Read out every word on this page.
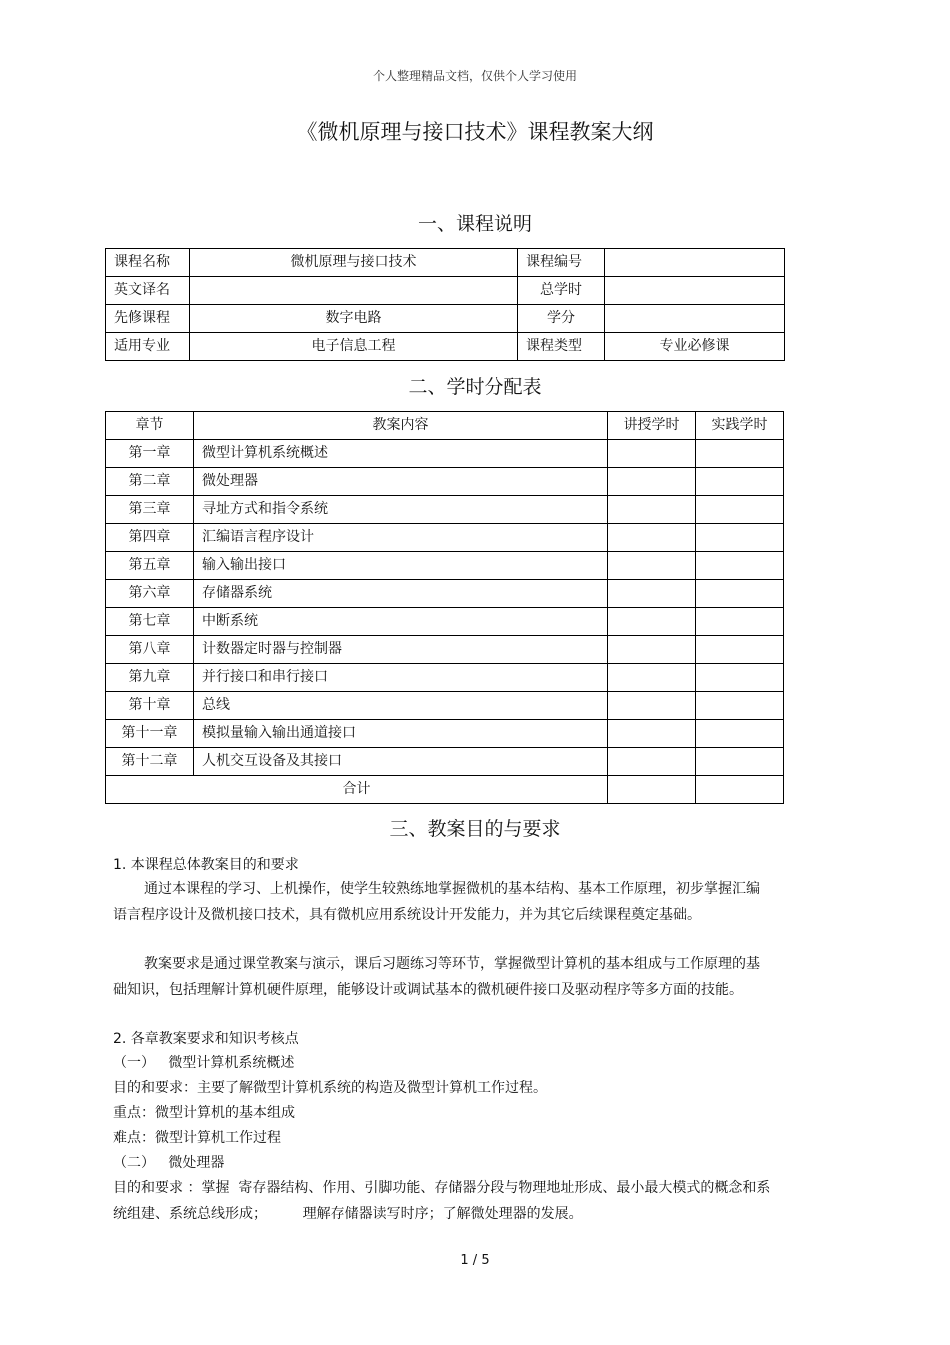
个人整理精品文档，仅供个人学习使用
《微机原理与接口技术》课程教案大纲
一、课程说明
课程名称	微机原理与接口技术	课程编号	
英文译名		总学时	
先修课程	数字电路	学分	
适用专业	电子信息工程	课程类型	专业必修课
二、学时分配表
章节	教案内容	讲授学时	实践学时
第一章	微型计算机系统概述		
第二章	微处理器		
第三章	寻址方式和指令系统		
第四章	汇编语言程序设计		
第五章	输入输出接口		
第六章	存储器系统		
第七章	中断系统		
第八章	计数器定时器与控制器		
第九章	并行接口和串行接口		
第十章	总线		
第十一章	模拟量输入输出通道接口		
第十二章	人机交互设备及其接口		
合计			
三、教案目的与要求
1. 本课程总体教案目的和要求
通过本课程的学习、上机操作，使学生较熟练地掌握微机的基本结构、基本工作原理，初步掌握汇编语言程序设计及微机接口技术，具有微机应用系统设计开发能力，并为其它后续课程奠定基础。
教案要求是通过课堂教案与演示，课后习题练习等环节，掌握微型计算机的基本组成与工作原理的基础知识，包括理解计算机硬件原理，能够设计或调试基本的微机硬件接口及驱动程序等多方面的技能。
2. 各章教案要求和知识考核点
（一）   微型计算机系统概述
目的和要求：主要了解微型计算机系统的构造及微型计算机工作过程。
重点：微型计算机的基本组成
难点：微型计算机工作过程
（二）   微处理器
目的和要求 ：掌握  寄存器结构、作用、引脚功能、存储器分段与物理地址形成、最小最大模式的概念和系统组建、系统总线形成；        理解存储器读写时序；了解微处理器的发展。
1 / 5
